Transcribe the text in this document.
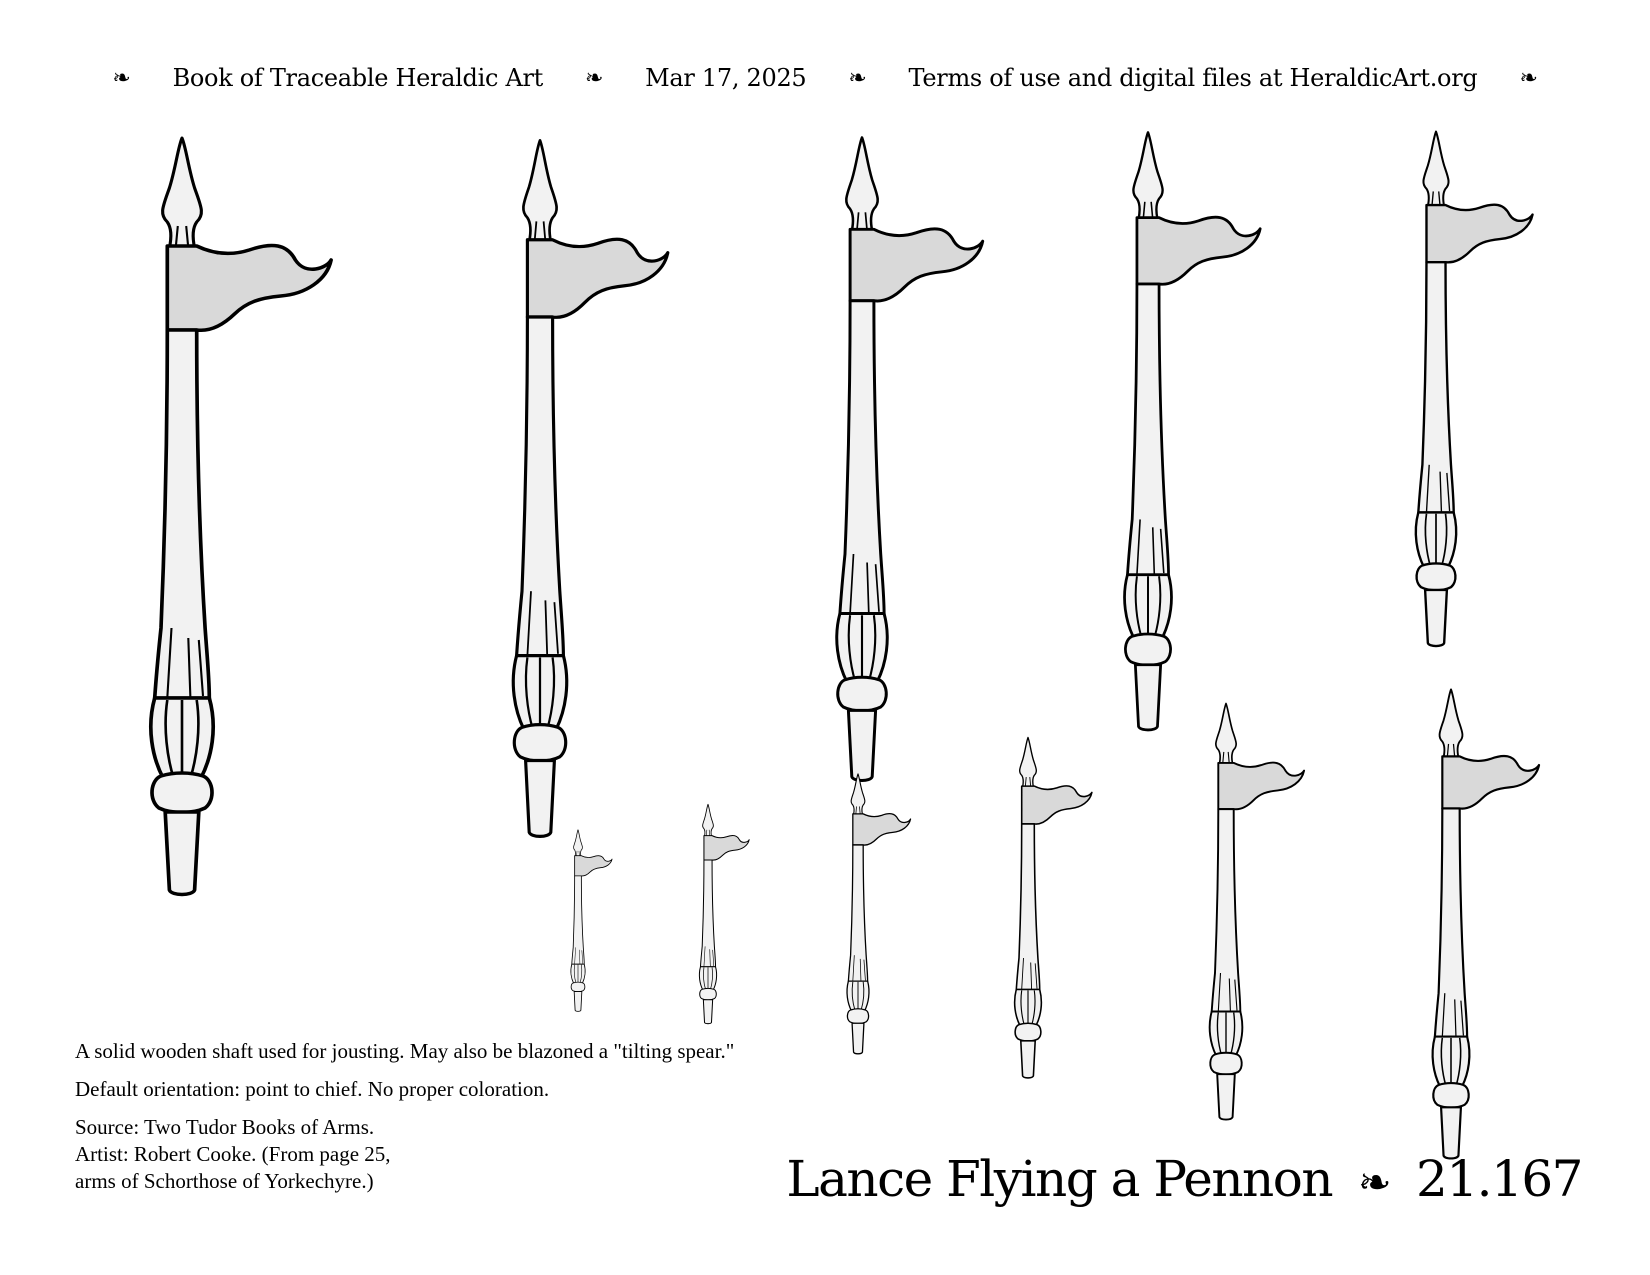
❧ Book of Traceable Heraldic Art ❧ Mar 17, 2025 ❧ Terms of use and digital files at HeraldicArt.org ❧

A solid wooden shaft used for jousting. May also be blazoned a "tilting spear."

Default orientation: point to chief. No proper coloration.

Source: Two Tudor Books of Arms.
Artist: Robert Cooke. (From page 25,
arms of Schorthose of Yorkechyre.)	Lance Flying a Pennon ❧ 21.167
